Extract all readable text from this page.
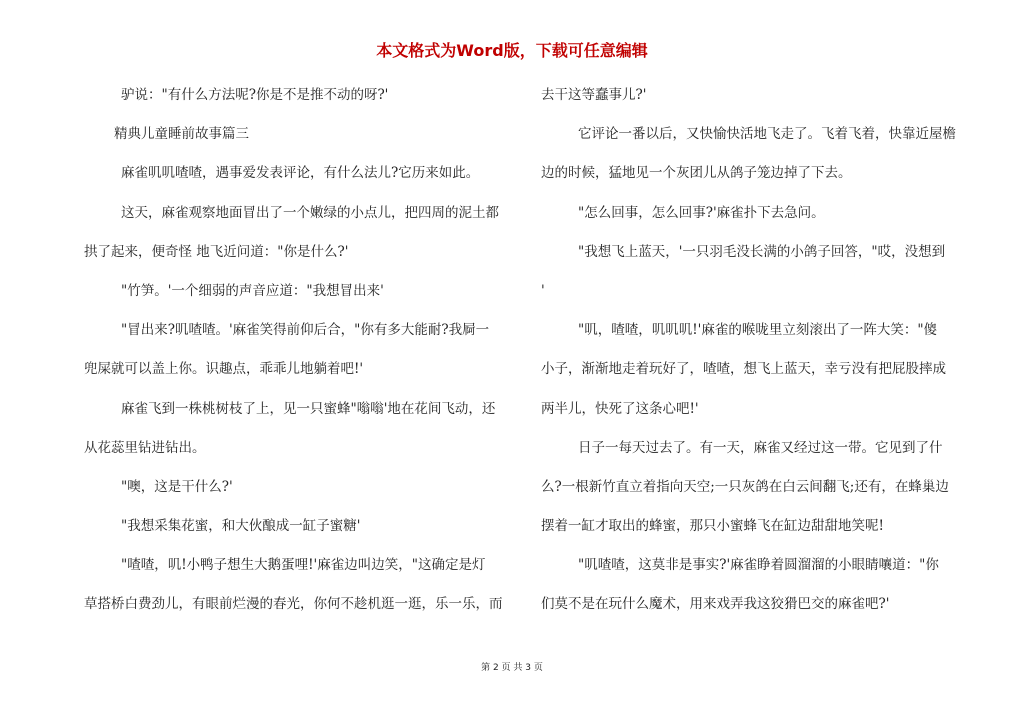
本文格式为Word版，下载可任意编辑
驴说："有什么方法呢?你是不是推不动的呀?'
精典儿童睡前故事篇三
麻雀叽叽喳喳，遇事爱发表评论，有什么法儿?它历来如此。
这天，麻雀观察地面冒出了一个嫩绿的小点儿，把四周的泥土都
拱了起来，便奇怪 地飞近问道："你是什么?'
"竹笋。'一个细弱的声音应道："我想冒出来'
"冒出来?叽喳喳。'麻雀笑得前仰后合，"你有多大能耐?我屙一
兜屎就可以盖上你。识趣点，乖乖儿地躺着吧!'
麻雀飞到一株桃树枝了上，见一只蜜蜂"嗡嗡'地在花间飞动，还
从花蕊里钻进钻出。
"噢，这是干什么?'
"我想采集花蜜，和大伙酿成一缸子蜜糖'
"喳喳，叽!小鸭子想生大鹅蛋哩!'麻雀边叫边笑，"这确定是灯
草搭桥白费劲儿，有眼前烂漫的春光，你何不趁机逛一逛，乐一乐，而
去干这等蠢事儿?'
它评论一番以后，又快愉快活地飞走了。飞着飞着，快靠近屋檐
边的时候，猛地见一个灰团儿从鸽子笼边掉了下去。
"怎么回事，怎么回事?'麻雀扑下去急问。
"我想飞上蓝天，'一只羽毛没长满的小鸽子回答，"哎，没想到
'
"叽，喳喳，叽叽叽!'麻雀的喉咙里立刻滚出了一阵大笑："傻
小子，渐渐地走着玩好了，喳喳，想飞上蓝天，幸亏没有把屁股摔成
两半儿，快死了这条心吧!'
日子一每天过去了。有一天，麻雀又经过这一带。它见到了什
么?一根新竹直立着指向天空;一只灰鸽在白云间翻飞;还有，在蜂巢边
摆着一缸才取出的蜂蜜，那只小蜜蜂飞在缸边甜甜地笑呢!
"叽喳喳，这莫非是事实?'麻雀睁着圆溜溜的小眼睛嚷道："你
们莫不是在玩什么魔术，用来戏弄我这狡猾巴交的麻雀吧?'
第 2 页 共 3 页
